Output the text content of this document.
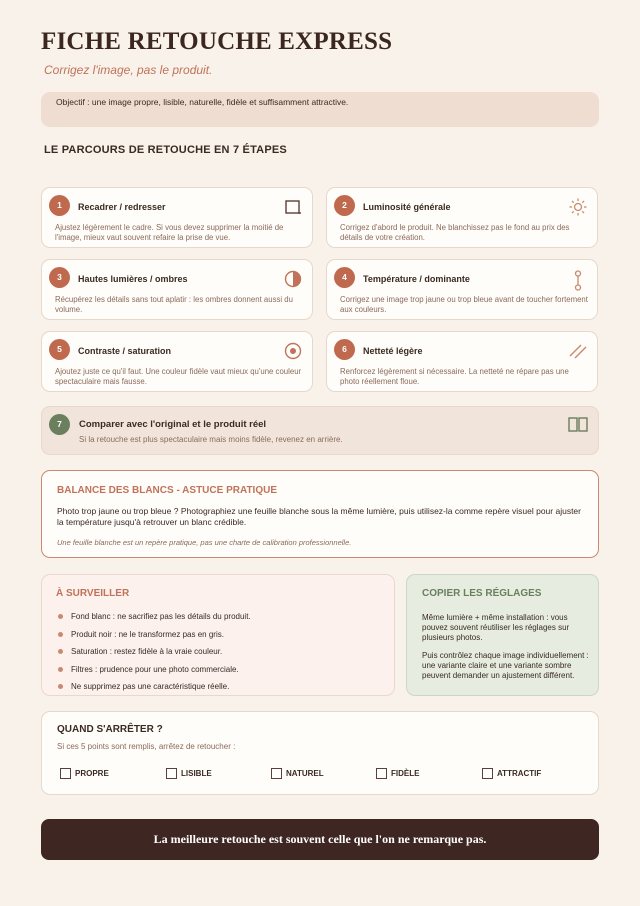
FICHE RETOUCHE EXPRESS
Corrigez l'image, pas le produit.
Objectif : une image propre, lisible, naturelle, fidèle et suffisamment attractive.
LE PARCOURS DE RETOUCHE EN 7 ÉTAPES
1	Recadrer / redresser
Ajustez légèrement le cadre. Si vous devez supprimer la moitié de l'image, mieux vaut souvent refaire la prise de vue.
2	Luminosité générale
Corrigez d'abord le produit. Ne blanchissez pas le fond au prix des détails de votre création.
3	Hautes lumières / ombres
Récupérez les détails sans tout aplatir : les ombres donnent aussi du volume.
4	Température / dominante
Corrigez une image trop jaune ou trop bleue avant de toucher fortement aux couleurs.
5	Contraste / saturation
Ajoutez juste ce qu'il faut. Une couleur fidèle vaut mieux qu'une couleur spectaculaire mais fausse.
6	Netteté légère
Renforcez légèrement si nécessaire. La netteté ne répare pas une photo réellement floue.
7	Comparer avec l'original et le produit réel
Si la retouche est plus spectaculaire mais moins fidèle, revenez en arrière.
BALANCE DES BLANCS - ASTUCE PRATIQUE
Photo trop jaune ou trop bleue ? Photographiez une feuille blanche sous la même lumière, puis utilisez-la comme repère visuel pour ajuster la température jusqu'à retrouver un blanc crédible.
Une feuille blanche est un repère pratique, pas une charte de calibration professionnelle.
À SURVEILLER
Fond blanc : ne sacrifiez pas les détails du produit.
Produit noir : ne le transformez pas en gris.
Saturation : restez fidèle à la vraie couleur.
Filtres : prudence pour une photo commerciale.
Ne supprimez pas une caractéristique réelle.
COPIER LES RÉGLAGES
Même lumière + même installation : vous pouvez souvent réutiliser les réglages sur plusieurs photos.
Puis contrôlez chaque image individuellement : une variante claire et une variante sombre peuvent demander un ajustement différent.
QUAND S'ARRÊTER ?
Si ces 5 points sont remplis, arrêtez de retoucher :
PROPRE	LISIBLE	NATUREL	FIDÈLE	ATTRACTIF
La meilleure retouche est souvent celle que l'on ne remarque pas.
